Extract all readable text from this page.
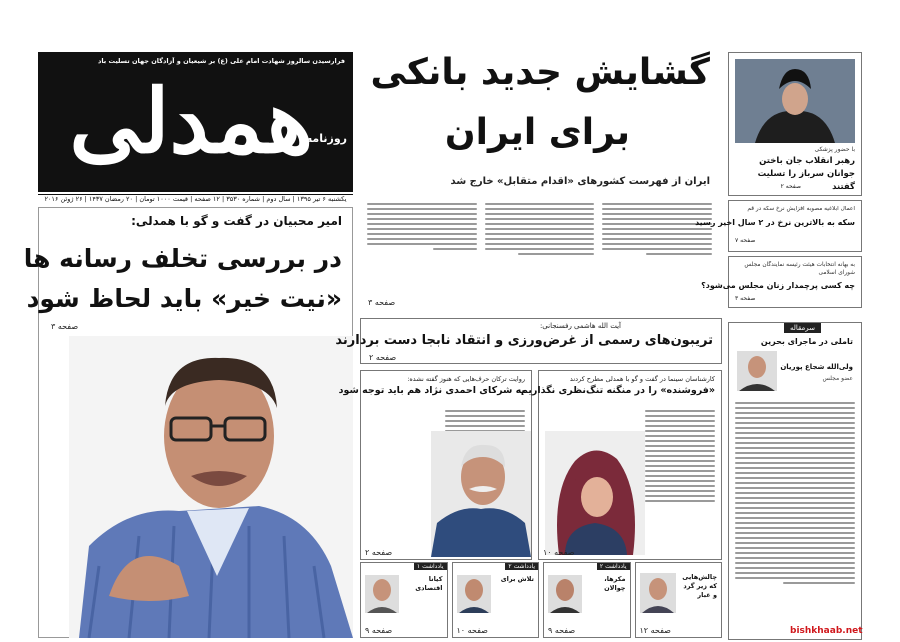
فرارسیدن سالروز شهادت امام علی (ع) بر شیعیان و آزادگان جهان تسلیت باد
همدلی
روزنامه
یکشنبه ۶ تیر ۱۳۹۵ | سال دوم | شماره ۳۵۳۰ | ۱۲ صفحه | قیمت ۱۰۰۰ تومان | ۲۰ رمضان ۱۴۳۷ | ۲۶ ژوئن ۲۰۱۶
امیر محبیان در گفت و گو با همدلی:
در بررسی تخلف رسانه ها
«نیت خیر» باید لحاظ شود
صفحه ۳
گشایش جدید بانکی
برای ایران
ایران از فهرست کشورهای «اقدام متقابل» خارج شد
صفحه ۳
آیت الله هاشمی رفسنجانی:
تریبون‌های رسمی از غرض‌ورزی و انتقاد نابجا دست بردارند
صفحه ۲
روایت ترکان حرف‌هایی که هنوز گفته نشده:
به شرکای احمدی نژاد هم باید توجه شود
صفحه ۲
کارشناسان سینما در گفت و گو با همدلی مطرح کردند
«فروشنده» را در منگنه تنگ‌نظری نگذاریم
صفحه ۱۰
چالش‌هایی که زیر گرد و غبار
صفحه ۱۲
یادداشت ۲
مکرها، چوالان
صفحه ۹
یادداشت ۲
تلاش برای
صفحه ۱۰
یادداشت ۱
کیانا اقتصادی
صفحه ۹
با حضور پزشکی
رهبر انقلاب جان باختن جوانان سرباز را تسلیت گفتند
صفحه ۲
اعمال ابلاغیه مصوبه افزایش نرخ سکه در قم
سکه به بالاترین نرخ در ۲ سال اخیر رسید
صفحه ۷
به بهانه انتخابات هیئت رئیسه نمایندگان مجلس شورای اسلامی
چه کسی پرچمدار زنان مجلس می‌شود؟
صفحه ۳
سرمقاله
تاملی در ماجرای بحرین
ولی‌الله شجاع پوریان
عضو مجلس
bishkhaab.net
